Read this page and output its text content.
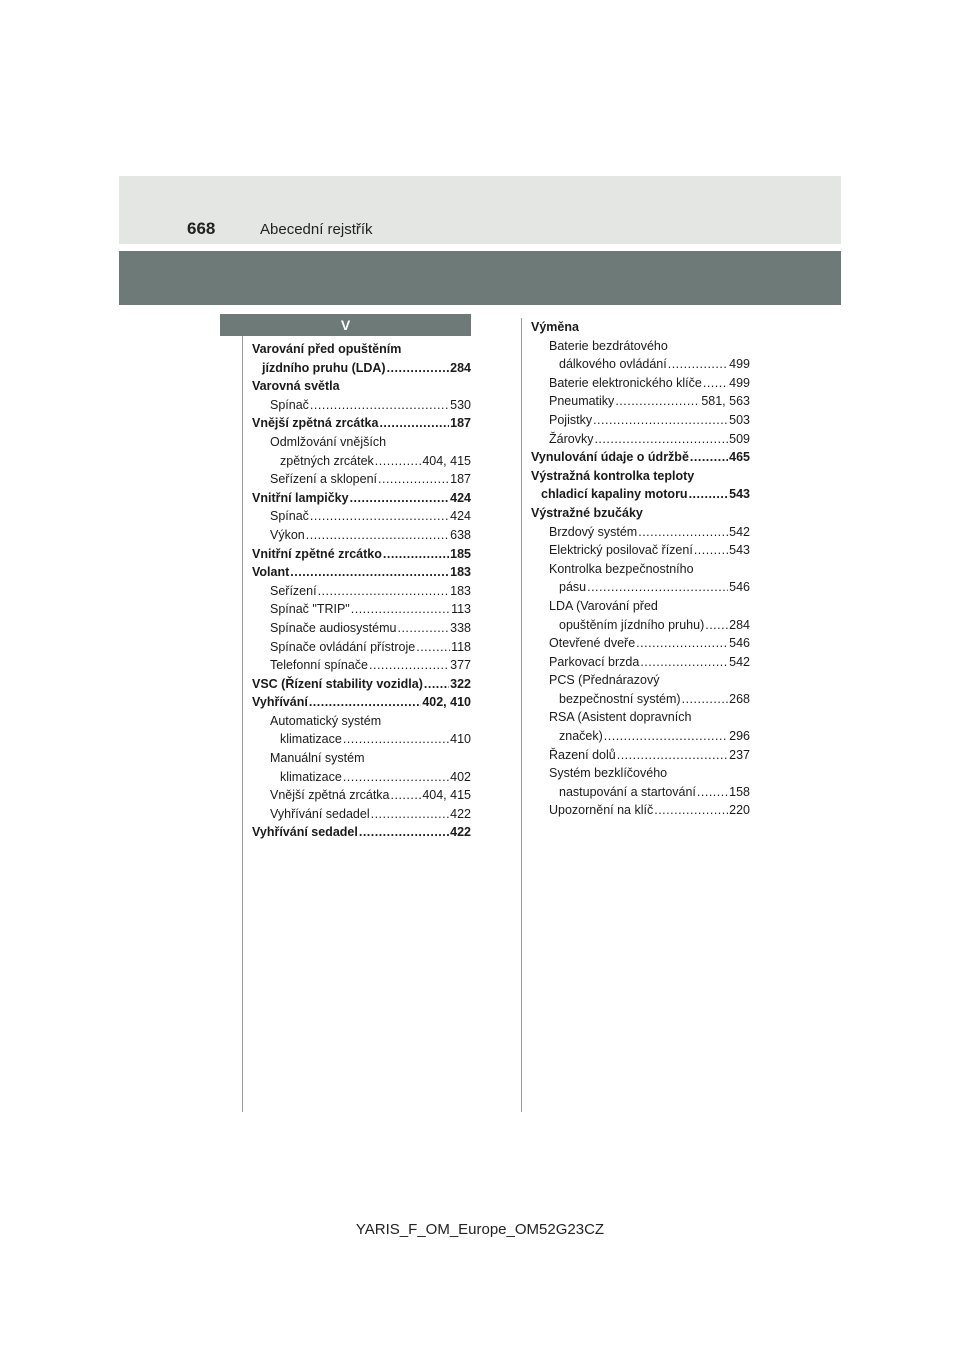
668	Abecední rejstřík
V
Varování před opuštěním
jízdního pruhu (LDA) .....	284
Varovná světla
Spínač .....	530
Vnější zpětná zrcátka .....	187
Odmlžování vnějších
zpětných zrcátek .....	404, 415
Seřízení a sklopení .....	187
Vnitřní lampičky .....	424
Spínač .....	424
Výkon .....	638
Vnitřní zpětné zrcátko .....	185
Volant .....	183
Seřízení .....	183
Spínač "TRIP" .....	113
Spínače audiosystému .....	338
Spínače ovládání přístroje .....	118
Telefonní spínače .....	377
VSC (Řízení stability vozidla) ..... 322
Vyhřívání .....	402, 410
Automatický systém
klimatizace .....	410
Manuální systém
klimatizace .....	402
Vnější zpětná zrcátka .....	404, 415
Vyhřívání sedadel .....	422
Vyhřívání sedadel .....	422
Výměna
Baterie bezdrátového
dálkového ovládání .....	499
Baterie elektronického klíče ..... 499
Pneumatiky .....	581, 563
Pojistky .....	503
Žárovky .....	509
Vynulování údaje o údržbě .....	465
Výstražná kontrolka teploty
chladicí kapaliny motoru .....	543
Výstražné bzučáky
Brzdový systém .....	542
Elektrický posilovač řízení .....	543
Kontrolka bezpečnostního
pásu .....	546
LDA (Varování před
opuštěním jízdního pruhu) ..... 284
Otevřené dveře .....	546
Parkovací brzda .....	542
PCS (Přednárazový
bezpečnostní systém) .....	268
RSA (Asistent dopravních
značek) .....	296
Řazení dolů .....	237
Systém bezklíčového
nastupování a startování .....	158
Upozornění na klíč .....	220
YARIS_F_OM_Europe_OM52G23CZ
